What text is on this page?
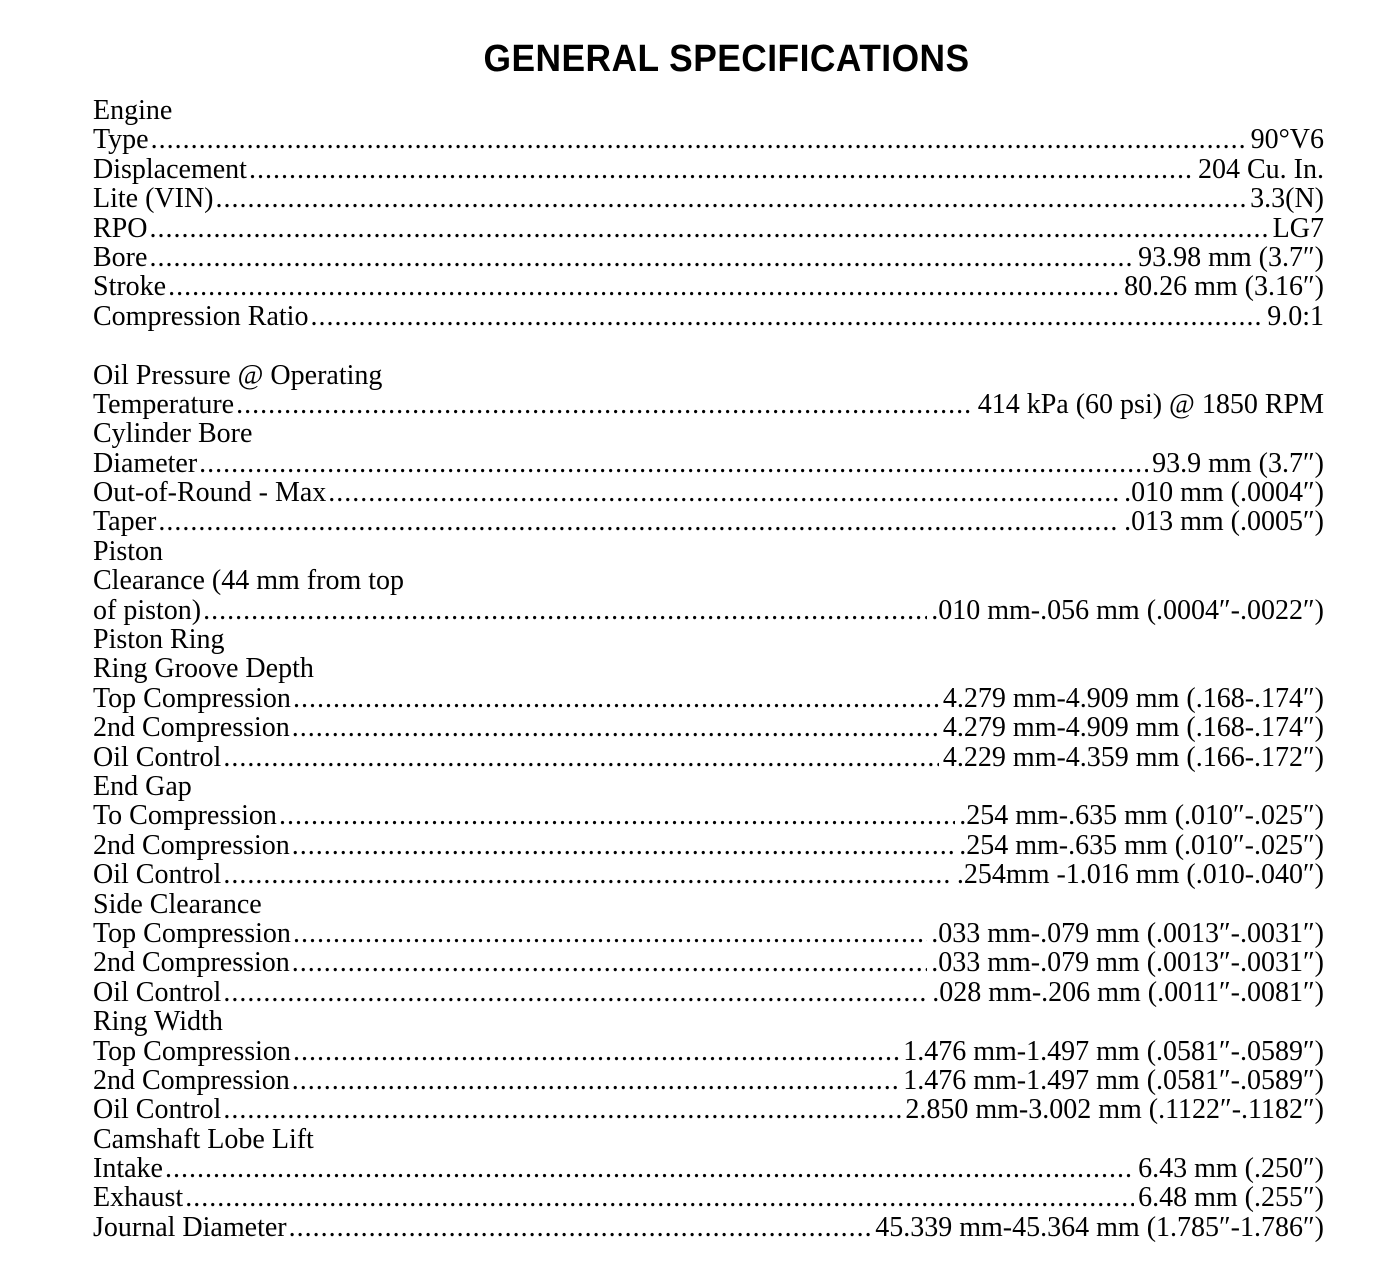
GENERAL SPECIFICATIONS
Engine
Type .....	90°V6
Displacement .....	204 Cu. In.
Lite (VIN) .....	3.3(N)
RPO .....	LG7
Bore .....	93.98 mm (3.7″)
Stroke .....	80.26 mm (3.16″)
Compression Ratio .....	9.0:1
Oil Pressure @ Operating
Temperature .....	414 kPa (60 psi) @ 1850 RPM
Cylinder Bore
Diameter .....	93.9 mm (3.7″)
Out-of-Round - Max .....	.010 mm (.0004″)
Taper .....	.013 mm (.0005″)
Piston
Clearance (44 mm from top
of piston) .....	.010 mm-.056 mm (.0004″-.0022″)
Piston Ring
Ring Groove Depth
Top Compression .....	4.279 mm-4.909 mm (.168-.174″)
2nd Compression .....	4.279 mm-4.909 mm (.168-.174″)
Oil Control .....	4.229 mm-4.359 mm (.166-.172″)
End Gap
To Compression .....	.254 mm-.635 mm (.010″-.025″)
2nd Compression .....	.254 mm-.635 mm (.010″-.025″)
Oil Control .....	.254mm -1.016 mm (.010-.040″)
Side Clearance
Top Compression .....	.033 mm-.079 mm (.0013″-.0031″)
2nd Compression .....	.033 mm-.079 mm (.0013″-.0031″)
Oil Control .....	.028 mm-.206 mm (.0011″-.0081″)
Ring Width
Top Compression .....	1.476 mm-1.497 mm (.0581″-.0589″)
2nd Compression .....	1.476 mm-1.497 mm (.0581″-.0589″)
Oil Control .....	2.850 mm-3.002 mm (.1122″-.1182″)
Camshaft Lobe Lift
Intake .....	6.43 mm (.250″)
Exhaust .....	6.48 mm (.255″)
Journal Diameter .....	45.339 mm-45.364 mm (1.785″-1.786″)
